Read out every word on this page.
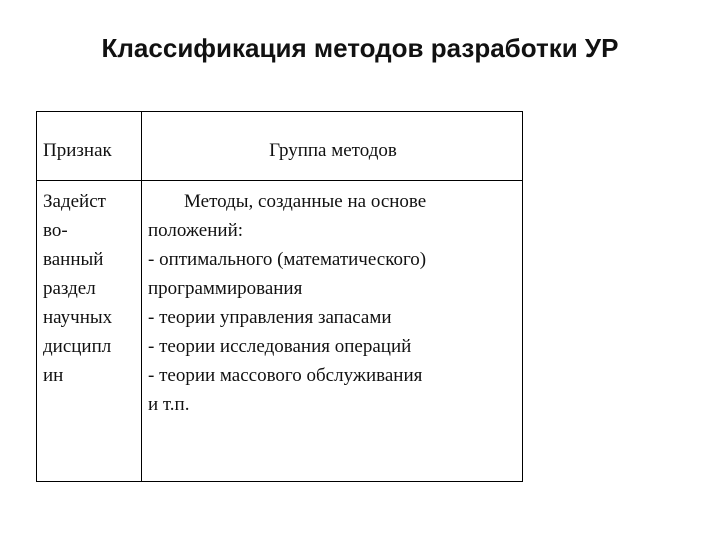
Классификация методов разработки УР
Признак	Группа методов
Задейст
во-
ванный
раздел
научных
дисципл
ин
Методы, созданные на основе
положений:
- оптимального (математического)
программирования
- теории управления запасами
- теории исследования операций
- теории массового обслуживания
и т.п.
